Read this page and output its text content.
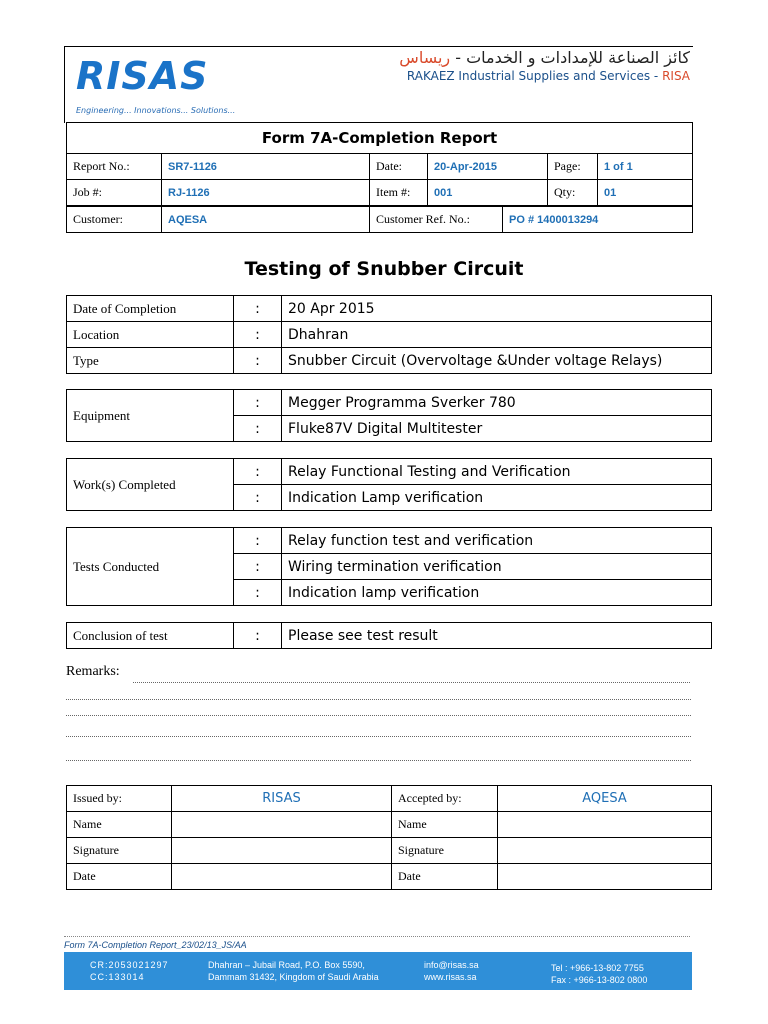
RISAS
Engineering... Innovations... Solutions...
كائز الصناعة للإمدادات و الخدمات - ريساس
RAKAEZ Industrial Supplies and Services - RISA
Form 7A-Completion Report					
Report No.:	SR7-1126	Date:	20-Apr-2015	Page:	1 of 1
Job #:	RJ-1126	Item #:	001	Qty:	01
Customer:	AQESA	Customer Ref. No.:	PO # 1400013294
Testing of Snubber Circuit
Date of Completion	:	20 Apr 2015
Location	:	Dhahran
Type	:	Snubber Circuit (Overvoltage &Under voltage Relays)
Equipment	:	Megger Programma Sverker 780
	:	Fluke87V Digital Multitester
Work(s) Completed	:	Relay Functional Testing and Verification
	:	Indication Lamp verification
Tests Conducted	:	Relay function test and verification
	:	Wiring termination verification
	:	Indication lamp verification
Conclusion of test	:	Please see test result
Remarks:
Issued by:	RISAS	Accepted by:	AQESA
Name		Name	
Signature		Signature	
Date		Date	
Form 7A-Completion Report_23/02/13_JS/AA
CR:2053021297
CC:133014
Dhahran – Jubail Road, P.O. Box 5590,
Dammam 31432, Kingdom of Saudi Arabia
info@risas.sa
www.risas.sa
Tel : +966-13-802 7755
Fax : +966-13-802 0800
